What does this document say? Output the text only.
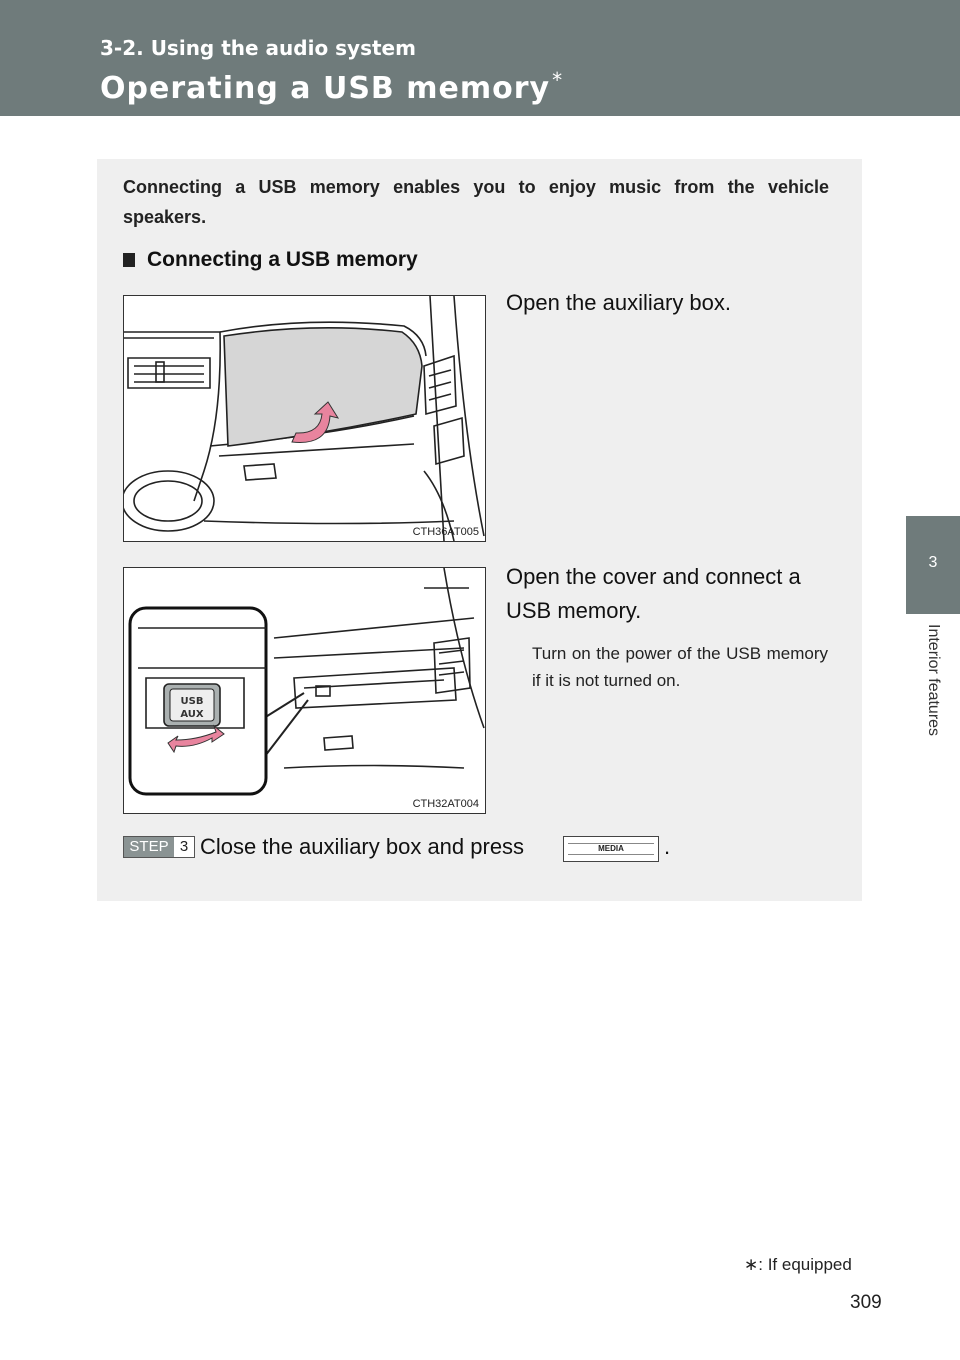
3-2. Using the audio system
Operating a USB memory *
3
Interior features
Connecting a USB memory enables you to enjoy music from the vehicle speakers.
Connecting a USB memory
CTH36AT005
Open the auxiliary box.
USB
AUX
CTH32AT004
Open the cover and connect a USB memory.
Turn on the power of the USB memory if it is not turned on.
STEP 3 Close the auxiliary box and press	MEDIA	.
∗: If equipped
309
